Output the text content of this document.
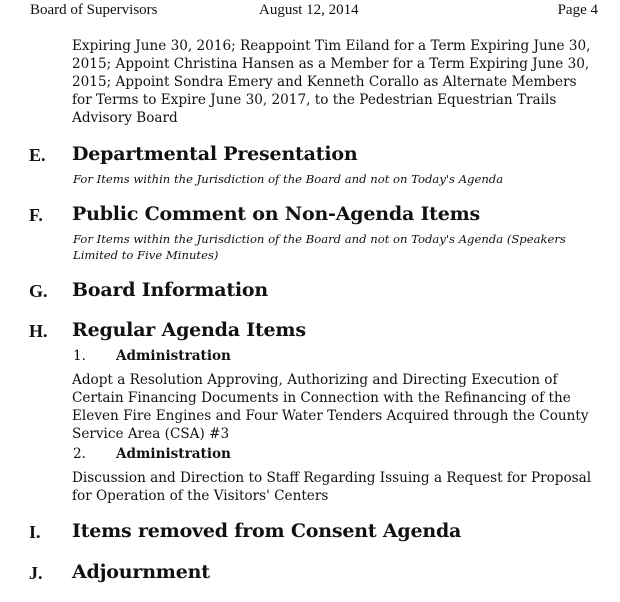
Board of Supervisors	August 12, 2014	Page 4

Expiring June 30, 2016; Reappoint Tim Eiland for a Term Expiring June 30, 2015; Appoint Christina Hansen as a Member for a Term Expiring June 30, 2015; Appoint Sondra Emery and Kenneth Corallo as Alternate Members for Terms to Expire June 30, 2017, to the Pedestrian Equestrian Trails Advisory Board

E. Departmental Presentation

For Items within the Jurisdiction of the Board and not on Today's Agenda

F. Public Comment on Non-Agenda Items

For Items within the Jurisdiction of the Board and not on Today's Agenda (Speakers Limited to Five Minutes)

G. Board Information
H. Regular Agenda Items
1. Administration

Adopt a Resolution Approving, Authorizing and Directing Execution of Certain Financing Documents in Connection with the Refinancing of the Eleven Fire Engines and Four Water Tenders Acquired through the County Service Area (CSA) #3

2. Administration

Discussion and Direction to Staff Regarding Issuing a Request for Proposal for Operation of the Visitors' Centers

I. Items removed from Consent Agenda
J. Adjournment
